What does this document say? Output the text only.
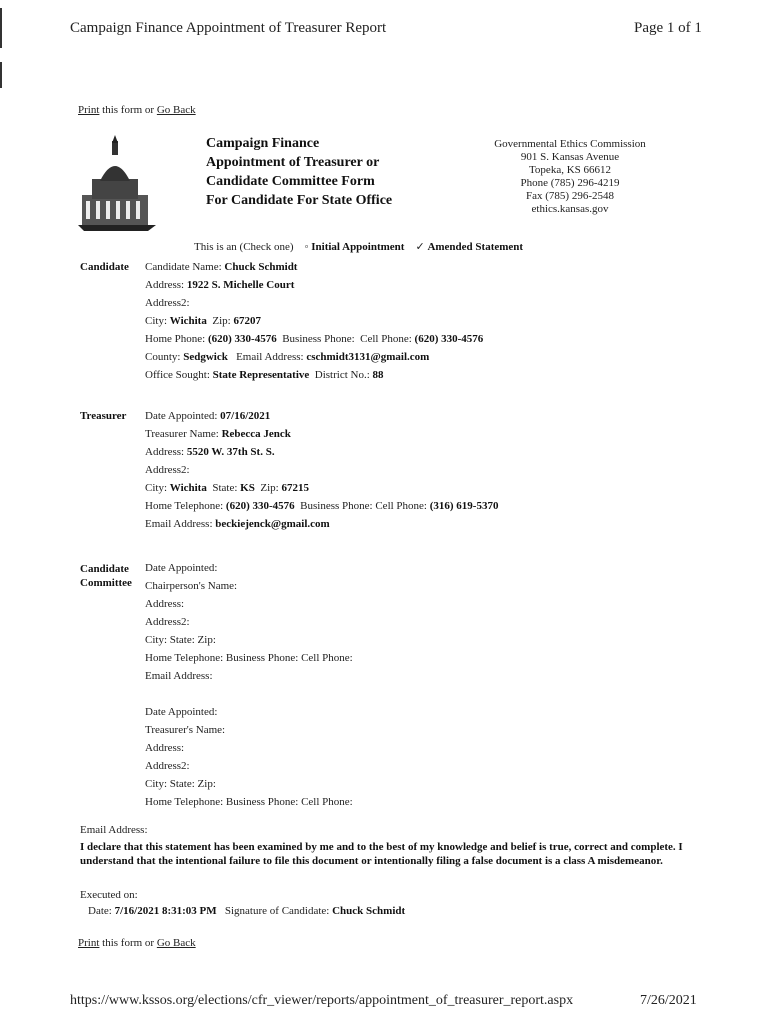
Campaign Finance Appointment of Treasurer Report	Page 1 of 1
Print this form or Go Back
Campaign Finance
Appointment of Treasurer or
Candidate Committee Form
For Candidate For State Office
Governmental Ethics Commission
901 S. Kansas Avenue
Topeka, KS 66612
Phone (785) 296-4219
Fax (785) 296-2548
ethics.kansas.gov
This is an (Check one) ◦ Initial Appointment ✓ Amended Statement
Candidate Candidate Name: Chuck Schmidt
Address: 1922 S. Michelle Court
Address2:
City: Wichita Zip: 67207
Home Phone: (620) 330-4576 Business Phone: Cell Phone: (620) 330-4576
County: Sedgwick Email Address: cschmidt3131@gmail.com
Office Sought: State Representative District No.: 88
Treasurer Date Appointed: 07/16/2021
Treasurer Name: Rebecca Jenck
Address: 5520 W. 37th St. S.
Address2:
City: Wichita State: KS Zip: 67215
Home Telephone: (620) 330-4576 Business Phone: Cell Phone: (316) 619-5370
Email Address: beckiejenck@gmail.com
Candidate
Committee
Date Appointed:
Chairperson's Name:
Address:
Address2:
City: State: Zip:
Home Telephone: Business Phone: Cell Phone:
Email Address:

Date Appointed:
Treasurer's Name:
Address:
Address2:
City: State: Zip:
Home Telephone: Business Phone: Cell Phone:
Email Address:
I declare that this statement has been examined by me and to the best of my knowledge and belief is true, correct and complete. I understand that the intentional failure to file this document or intentionally filing a false document is a class A misdemeanor.
Executed on:
Date: 7/16/2021 8:31:03 PM Signature of Candidate: Chuck Schmidt
Print this form or Go Back
https://www.kssos.org/elections/cfr_viewer/reports/appointment_of_treasurer_report.aspx	7/26/2021
